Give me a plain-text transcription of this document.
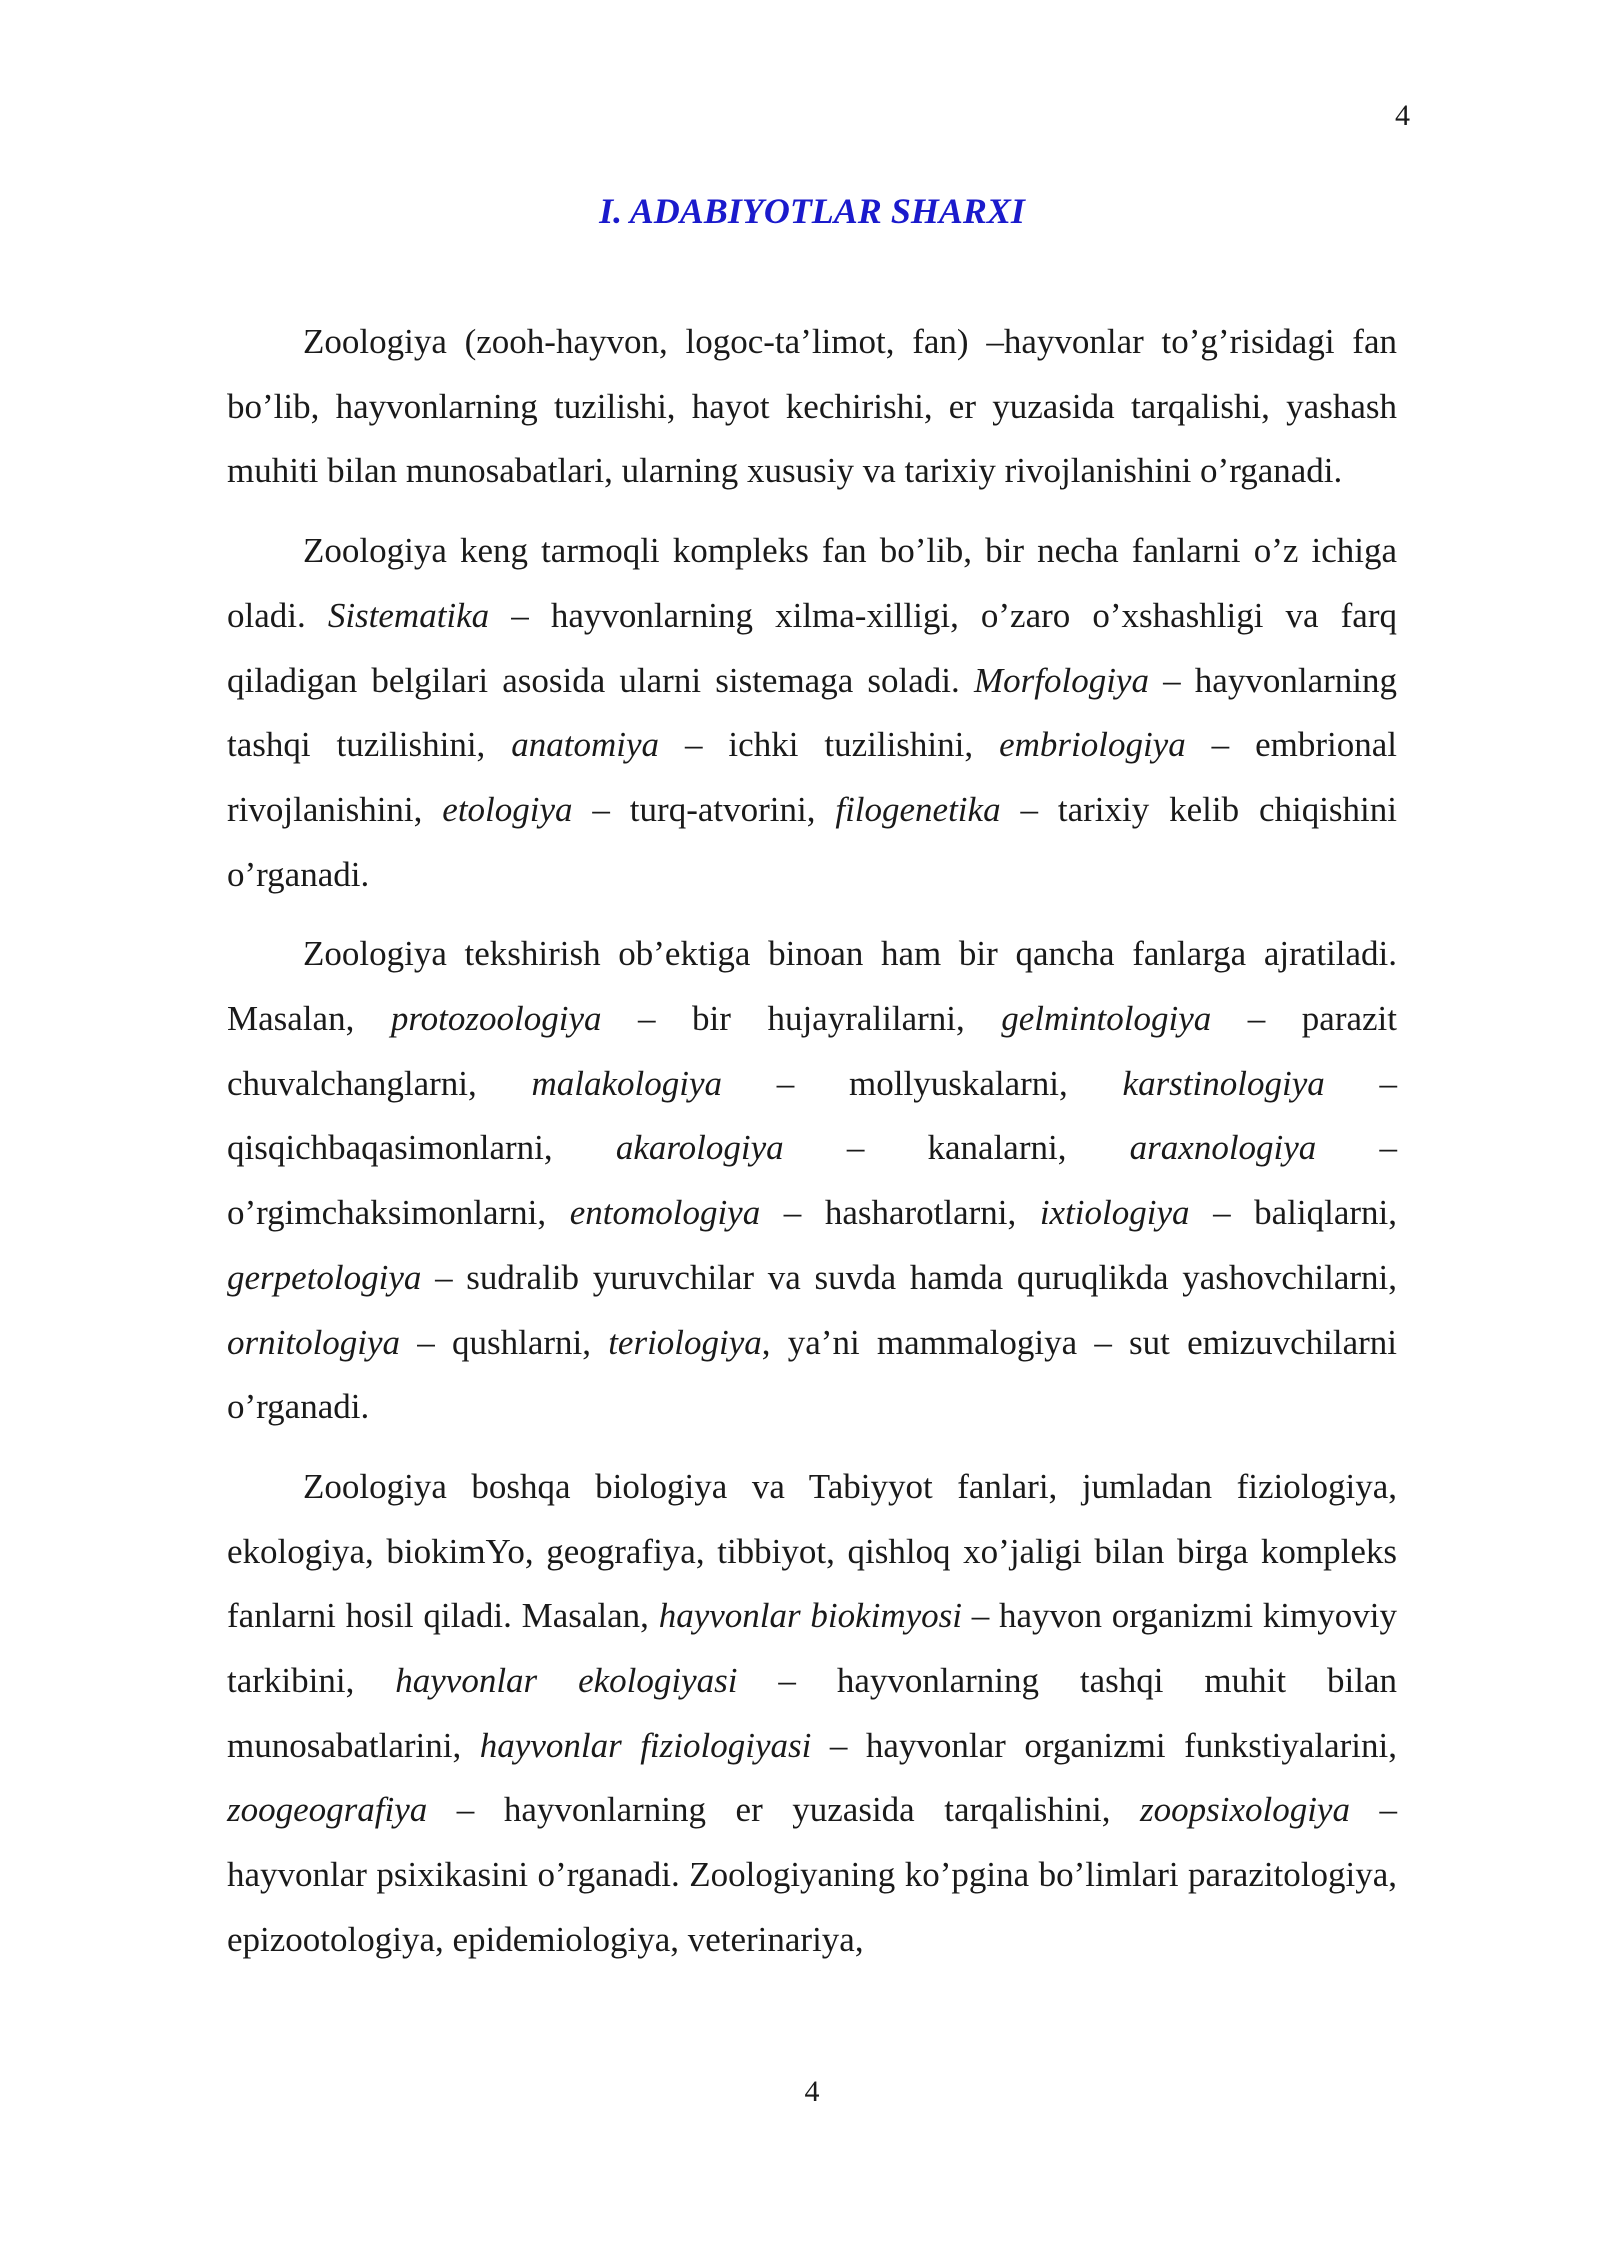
4
I. ADABIYOTLAR SHARXI

Zoologiya (zooh-hayvon, logoc-ta’limot, fan) –hayvonlar to’g’risidagi fan bo’lib, hayvonlarning tuzilishi, hayot kechirishi, er yuzasida tarqalishi, yashash muhiti bilan munosabatlari, ularning xususiy va tarixiy rivojlanishini o’rganadi.

Zoologiya keng tarmoqli kompleks fan bo’lib, bir necha fanlarni o’z ichiga oladi. Sistematika – hayvonlarning xilma-xilligi, o’zaro o’xshashligi va farq qiladigan belgilari asosida ularni sistemaga soladi. Morfologiya – hayvonlarning tashqi tuzilishini, anatomiya – ichki tuzilishini, embriologiya – embrional rivojlanishini, etologiya – turq-atvorini, filogenetika – tarixiy kelib chiqishini o’rganadi.

Zoologiya tekshirish ob’ektiga binoan ham bir qancha fanlarga ajratiladi. Masalan, protozoologiya – bir hujayralilarni, gelmintologiya – parazit chuvalchanglarni, malakologiya – mollyuskalarni, karstinologiya – qisqichbaqasimonlarni, akarologiya – kanalarni, araxnologiya – o’rgimchaksimonlarni, entomologiya – hasharotlarni, ixtiologiya – baliqlarni, gerpetologiya – sudralib yuruvchilar va suvda hamda quruqlikda yashovchilarni, ornitologiya – qushlarni, teriologiya, ya’ni mammalogiya – sut emizuvchilarni o’rganadi.

Zoologiya boshqa biologiya va Tabiyyot fanlari, jumladan fiziologiya, ekologiya, biokimYo, geografiya, tibbiyot, qishloq xo’jaligi bilan birga kompleks fanlarni hosil qiladi. Masalan, hayvonlar biokimyosi – hayvon organizmi kimyoviy tarkibini, hayvonlar ekologiyasi – hayvonlarning tashqi muhit bilan munosabatlarini, hayvonlar fiziologiyasi – hayvonlar organizmi funkstiyalarini, zoogeografiya – hayvonlarning er yuzasida tarqalishini, zoopsixologiya – hayvonlar psixikasini o’rganadi. Zoologiyaning ko’pgina bo’limlari parazitologiya, epizootologiya, epidemiologiya, veterinariya,

4
